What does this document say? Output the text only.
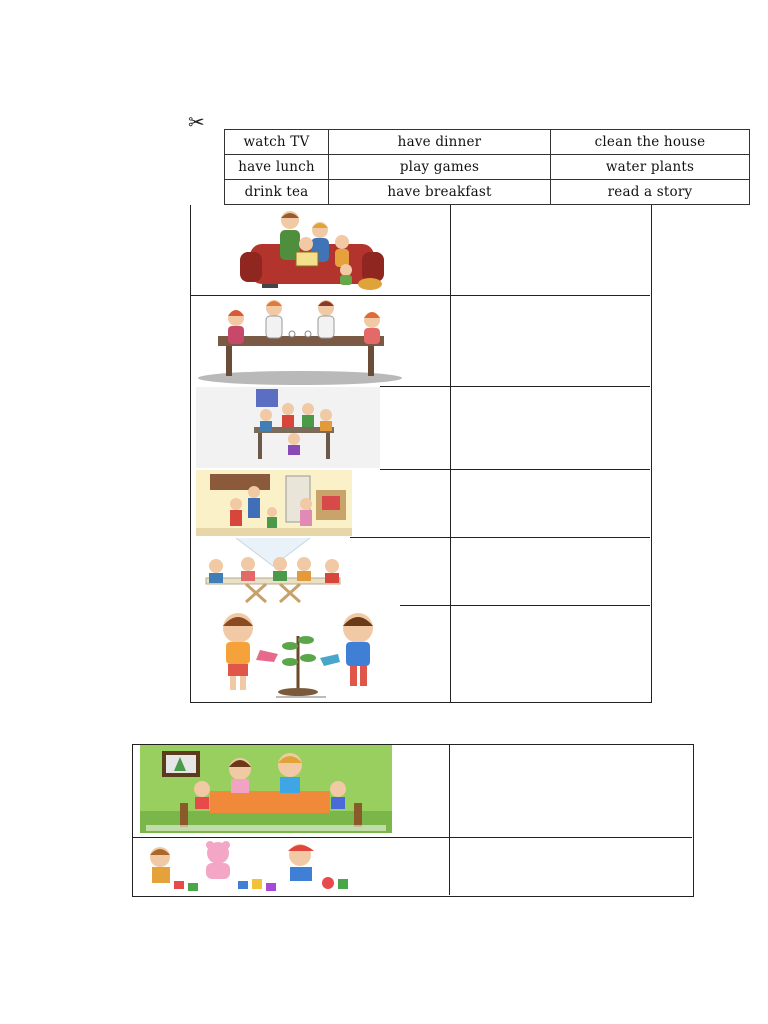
✂
watch TV	have dinner	clean the house
have lunch	play games	water plants
drink tea	have breakfast	read a story
